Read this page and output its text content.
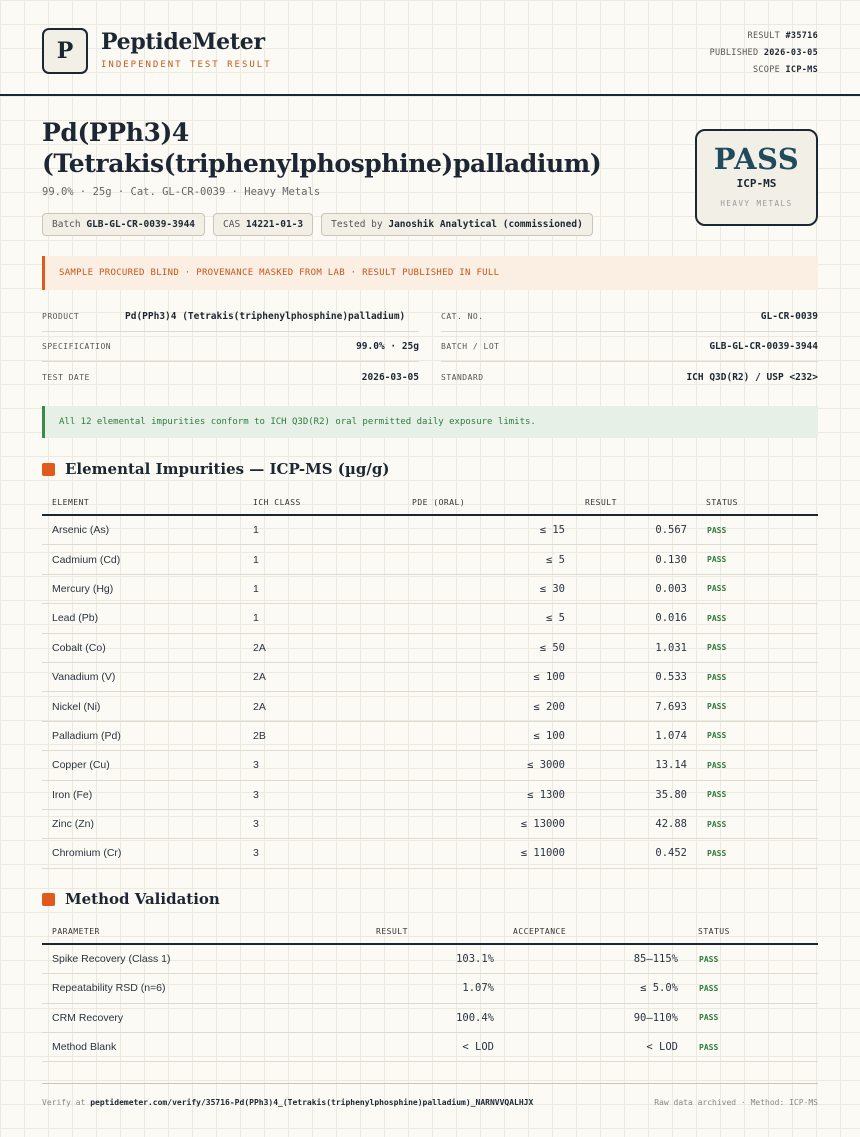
P	PeptideMeter
INDEPENDENT TEST RESULT
RESULT #35716
PUBLISHED 2026-03-05
SCOPE ICP-MS
Pd(PPh3)4 (Tetrakis(triphenylphosphine)palladium)
99.0% · 25g · Cat. GL-CR-0039 · Heavy Metals
Batch GLB-GL-CR-0039-3944	CAS 14221-01-3	Tested by Janoshik Analytical (commissioned)
PASS
ICP-MS
HEAVY METALS
SAMPLE PROCURED BLIND · PROVENANCE MASKED FROM LAB · RESULT PUBLISHED IN FULL
PRODUCT	Pd(PPh3)4 (Tetrakis(triphenylphosphine)palladium)
SPECIFICATION	99.0% · 25g
TEST DATE	2026-03-05
CAT. NO.	GL-CR-0039
BATCH / LOT	GLB-GL-CR-0039-3944
STANDARD	ICH Q3D(R2) / USP <232>
All 12 elemental impurities conform to ICH Q3D(R2) oral permitted daily exposure limits.
Elemental Impurities — ICP-MS (µg/g)
ELEMENT	ICH CLASS	PDE (ORAL)	RESULT	STATUS
Arsenic (As)	1	≤ 15	0.567	PASS
Cadmium (Cd)	1	≤ 5	0.130	PASS
Mercury (Hg)	1	≤ 30	0.003	PASS
Lead (Pb)	1	≤ 5	0.016	PASS
Cobalt (Co)	2A	≤ 50	1.031	PASS
Vanadium (V)	2A	≤ 100	0.533	PASS
Nickel (Ni)	2A	≤ 200	7.693	PASS
Palladium (Pd)	2B	≤ 100	1.074	PASS
Copper (Cu)	3	≤ 3000	13.14	PASS
Iron (Fe)	3	≤ 1300	35.80	PASS
Zinc (Zn)	3	≤ 13000	42.88	PASS
Chromium (Cr)	3	≤ 11000	0.452	PASS
Method Validation
PARAMETER	RESULT	ACCEPTANCE	STATUS
Spike Recovery (Class 1)	103.1%	85–115%	PASS
Repeatability RSD (n=6)	1.07%	≤ 5.0%	PASS
CRM Recovery	100.4%	90–110%	PASS
Method Blank	< LOD	< LOD	PASS
Verify at peptidemeter.com/verify/35716-Pd(PPh3)4_(Tetrakis(triphenylphosphine)palladium)_NARNVVQALHJX	Raw data archived · Method: ICP-MS
